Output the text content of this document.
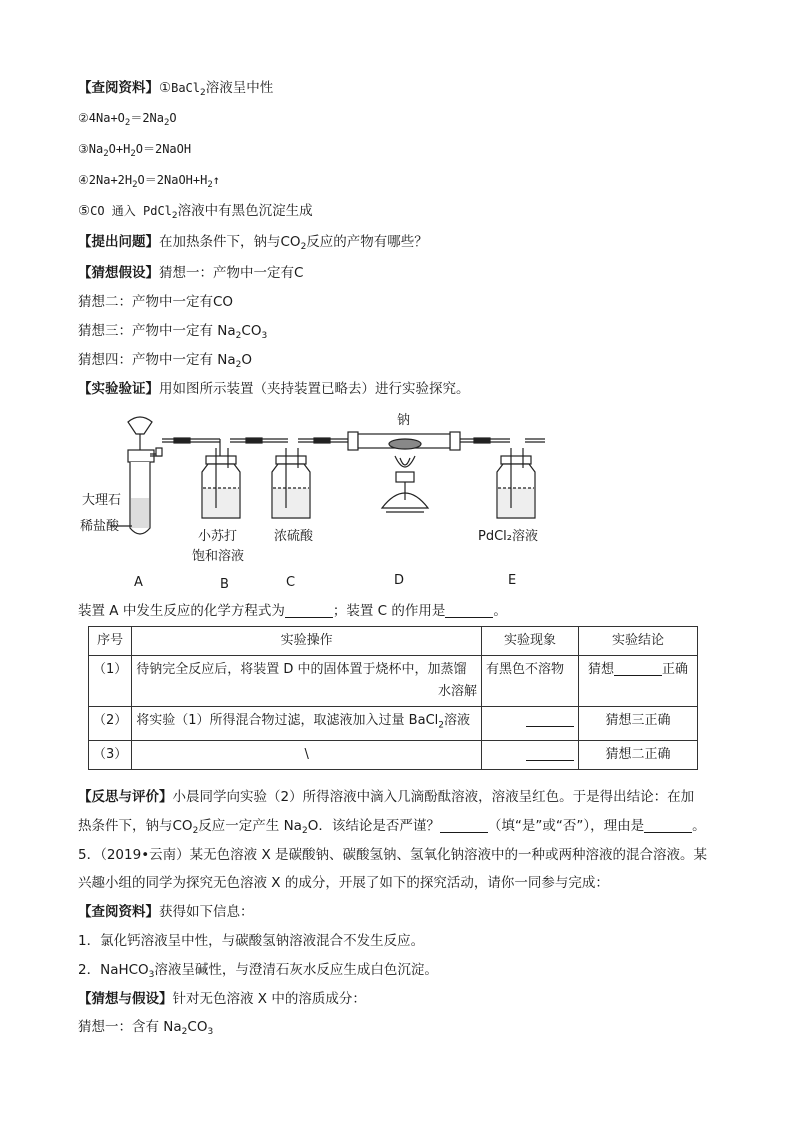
【查阅资料】①BaCl$_2$溶液呈中性
$②4Na+O_2=2Na_2O$
$③Na_2O+H_2O=2NaOH$
$④2Na+2H_2O=2NaOH+H_2↑$
⑤CO 通入 PdCl$_2$溶液中有黑色沉淀生成
【提出问题】在加热条件下，钠与$CO_2$反应的产物有哪些？
【猜想假设】猜想一：产物中一定有C
猜想二：产物中一定有CO
猜想三：产物中一定有 $Na_2CO_3$
猜想四：产物中一定有 $Na_2O$
【实验验证】用如图所示装置（夹持装置已略去）进行实验探究。
钠
大理石
稀盐酸
小苏打
饱和溶液
浓硫酸	PdCl₂溶液
A	B	C	D	E
装置 A 中发生反应的化学方程式为	；装置 C 的作用是	。
序号	实验操作	实验现象	实验结论
（1）	待钠完全反应后，将装置 D 中的固体置于烧杯中，加蒸馏

水溶解	有黑色不溶物	猜想 正确
（2）	将实验（1）所得混合物过滤，取滤液加入过量 BaCl$_2$溶液		猜想三正确
（3）	\		猜想二正确
【反思与评价】小晨同学向实验（2）所得溶液中滴入几滴酚酞溶液，溶液呈红色。于是得出结论：在加
热条件下，钠与$CO_2$反应一定产生 $Na_2O$．该结论是否严谨？	（填“是”或“否”），理由是	。
5．（2019•云南）某无色溶液 X 是碳酸钠、碳酸氢钠、氢氧化钠溶液中的一种或两种溶液的混合溶液。某
兴趣小组的同学为探究无色溶液 X 的成分，开展了如下的探究活动，请你一同参与完成：
【查阅资料】获得如下信息：
1．氯化钙溶液呈中性，与碳酸氢钠溶液混合不发生反应。
2．NaHCO$_3$溶液呈碱性，与澄清石灰水反应生成白色沉淀。
【猜想与假设】针对无色溶液 X 中的溶质成分：
猜想一：含有 $Na_2CO_3$
